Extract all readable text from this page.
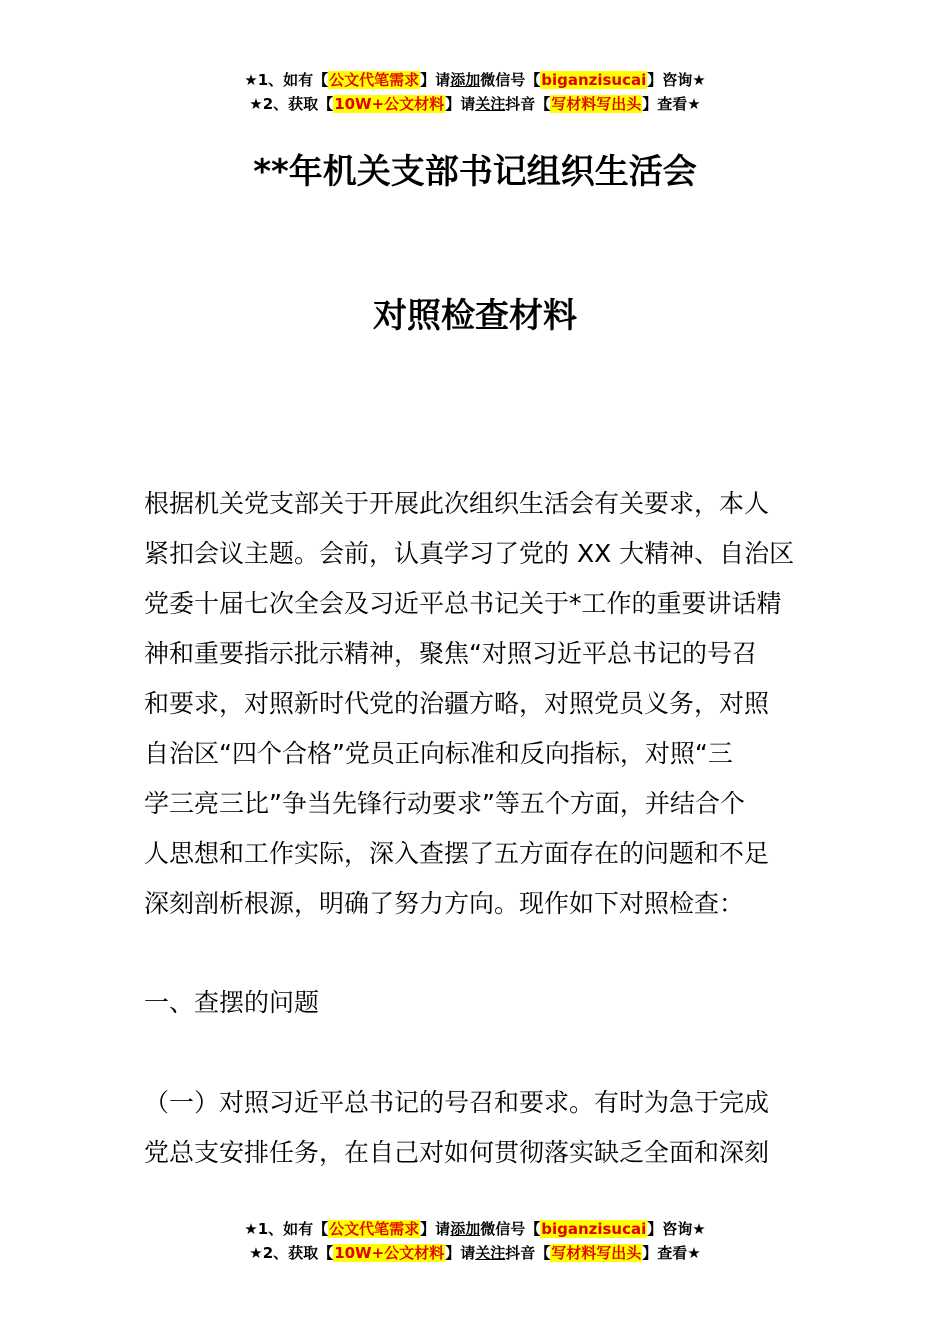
★1、如有【公文代笔需求】请添加微信号【biganzisucai】咨询★
★2、获取【10W+公文材料】请关注抖音【写材料写出头】查看★
**年机关支部书记组织生活会
对照检查材料
根据机关党支部关于开展此次组织生活会有关要求，本人
紧扣会议主题。会前，认真学习了党的 XX 大精神、自治区
党委十届七次全会及习近平总书记关于*工作的重要讲话精
神和重要指示批示精神，聚焦“对照习近平总书记的号召
和要求，对照新时代党的治疆方略，对照党员义务，对照
自治区“四个合格”党员正向标准和反向指标，对照“三
学三亮三比”争当先锋行动要求”等五个方面，并结合个
人思想和工作实际，深入查摆了五方面存在的问题和不足
深刻剖析根源，明确了努力方向。现作如下对照检查：
一、查摆的问题
（一）对照习近平总书记的号召和要求。有时为急于完成
党总支安排任务，在自己对如何贯彻落实缺乏全面和深刻
★1、如有【公文代笔需求】请添加微信号【biganzisucai】咨询★
★2、获取【10W+公文材料】请关注抖音【写材料写出头】查看★
